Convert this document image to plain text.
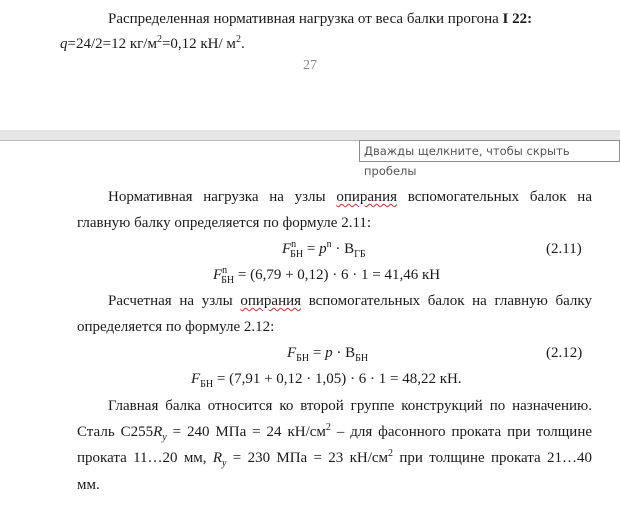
Распределенная нормативная нагрузка от веса балки прогона I 22:
q=24/2=12 $кг/м^2=0,12$ кН/ $м^2$.
27
Дважды щелкните, чтобы скрыть пробелы
Нормативная нагрузка на узлы опирания вспомогательных балок на
главную балку определяется по формуле 2.11:
$F^n_{БН} = p^n \cdot В_{ГБ}$	(2.11)
$F^n_{БН} = (6,79 + 0,12) \cdot 6 \cdot 1 = 41,46$ кН
Расчетная на узлы опирания вспомогательных балок на главную балку
определяется по формуле 2.12:
$F_{БН} = p \cdot В_{БН}$	(2.12)
$F_{БН} = (7,91 + 0,12 \cdot 1,05) \cdot 6 \cdot 1 = 48,22$ кН.
Главная балка относится ко второй группе конструкций по назначению.
Сталь $С255R_y = 240$ МПа = 24 $кН/см^2$ – для фасонного проката при толщине
проката 11…20 мм, $R_y = 230$ МПа = 23 $кН/см^2$ при толщине проката 21…40
мм.
